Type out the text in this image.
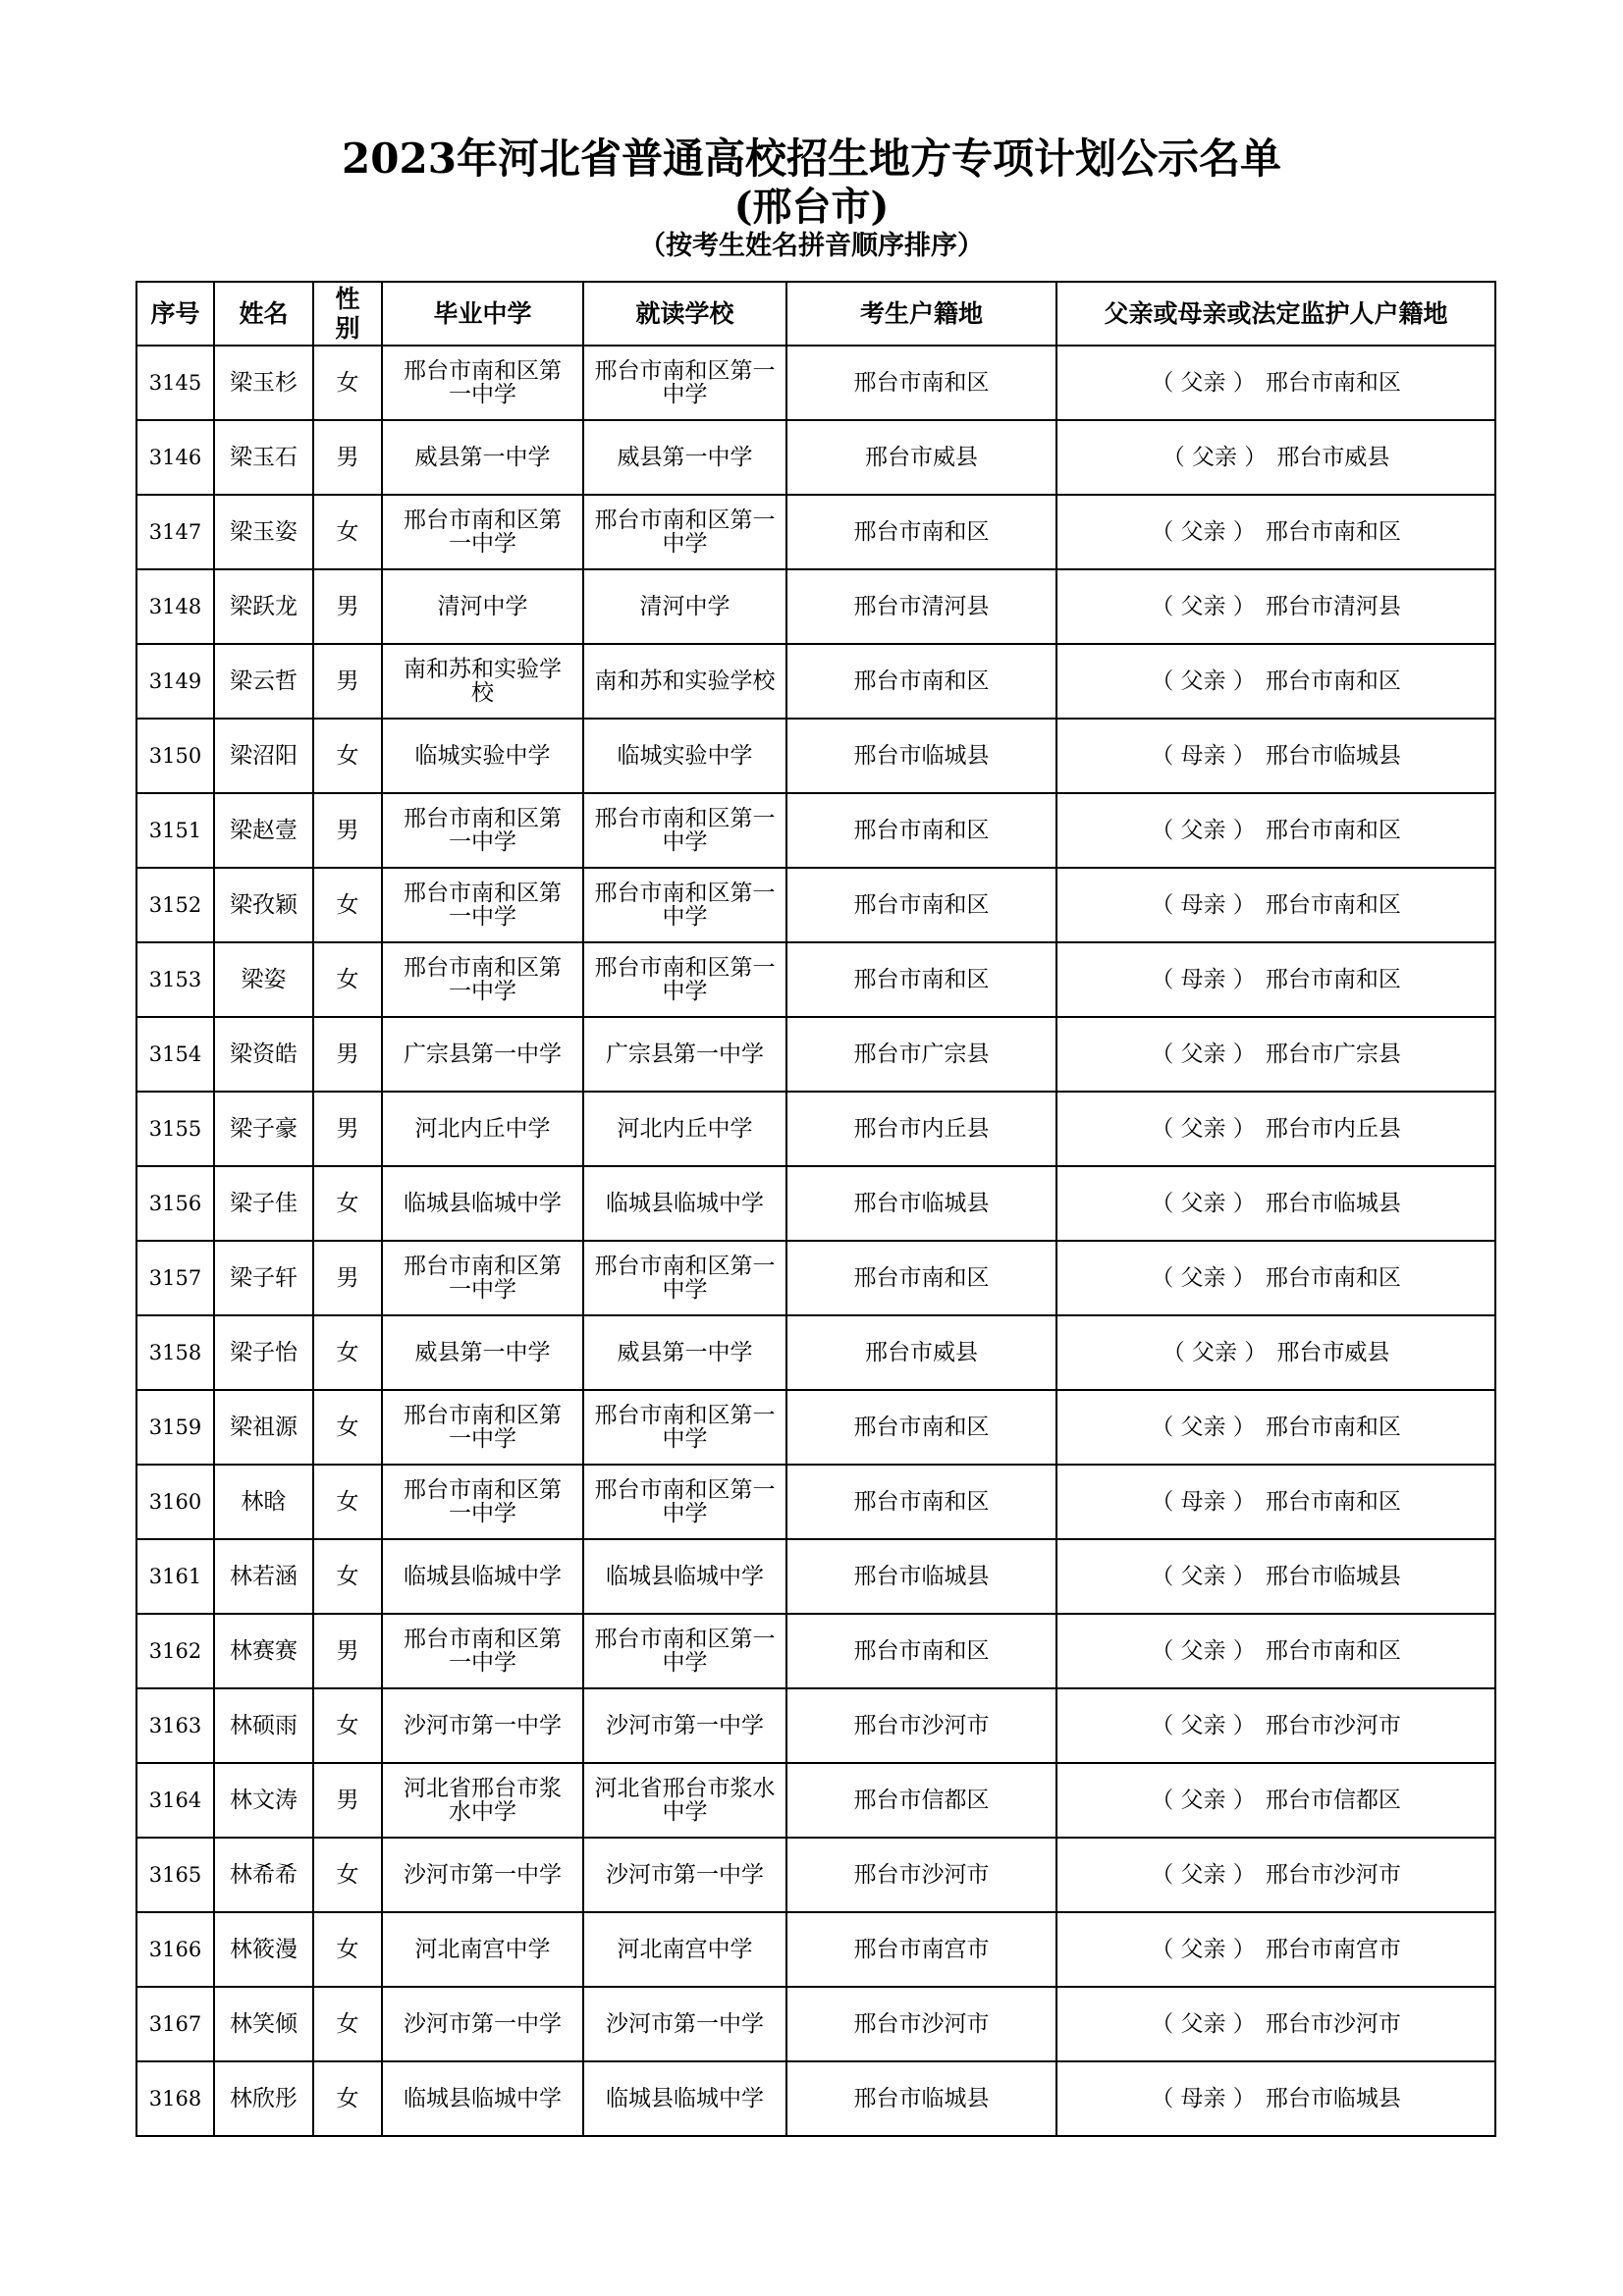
2023年河北省普通高校招生地方专项计划公示名单
(邢台市)
（按考生姓名拼音顺序排序）
序号	姓名	性别	毕业中学	就读学校	考生户籍地	父亲或母亲或法定监护人户籍地
3145	梁玉杉	女	邢台市南和区第一中学	邢台市南和区第一中学	邢台市南和区	（ 父亲 ） 邢台市南和区
3146	梁玉石	男	威县第一中学	威县第一中学	邢台市威县	（ 父亲 ） 邢台市威县
3147	梁玉姿	女	邢台市南和区第一中学	邢台市南和区第一中学	邢台市南和区	（ 父亲 ） 邢台市南和区
3148	梁跃龙	男	清河中学	清河中学	邢台市清河县	（ 父亲 ） 邢台市清河县
3149	梁云哲	男	南和苏和实验学校	南和苏和实验学校	邢台市南和区	（ 父亲 ） 邢台市南和区
3150	梁沼阳	女	临城实验中学	临城实验中学	邢台市临城县	（ 母亲 ） 邢台市临城县
3151	梁赵壹	男	邢台市南和区第一中学	邢台市南和区第一中学	邢台市南和区	（ 父亲 ） 邢台市南和区
3152	梁孜颖	女	邢台市南和区第一中学	邢台市南和区第一中学	邢台市南和区	（ 母亲 ） 邢台市南和区
3153	梁姿	女	邢台市南和区第一中学	邢台市南和区第一中学	邢台市南和区	（ 母亲 ） 邢台市南和区
3154	梁资皓	男	广宗县第一中学	广宗县第一中学	邢台市广宗县	（ 父亲 ） 邢台市广宗县
3155	梁子豪	男	河北内丘中学	河北内丘中学	邢台市内丘县	（ 父亲 ） 邢台市内丘县
3156	梁子佳	女	临城县临城中学	临城县临城中学	邢台市临城县	（ 父亲 ） 邢台市临城县
3157	梁子轩	男	邢台市南和区第一中学	邢台市南和区第一中学	邢台市南和区	（ 父亲 ） 邢台市南和区
3158	梁子怡	女	威县第一中学	威县第一中学	邢台市威县	（ 父亲 ） 邢台市威县
3159	梁祖源	女	邢台市南和区第一中学	邢台市南和区第一中学	邢台市南和区	（ 父亲 ） 邢台市南和区
3160	林晗	女	邢台市南和区第一中学	邢台市南和区第一中学	邢台市南和区	（ 母亲 ） 邢台市南和区
3161	林若涵	女	临城县临城中学	临城县临城中学	邢台市临城县	（ 父亲 ） 邢台市临城县
3162	林赛赛	男	邢台市南和区第一中学	邢台市南和区第一中学	邢台市南和区	（ 父亲 ） 邢台市南和区
3163	林硕雨	女	沙河市第一中学	沙河市第一中学	邢台市沙河市	（ 父亲 ） 邢台市沙河市
3164	林文涛	男	河北省邢台市浆水中学	河北省邢台市浆水中学	邢台市信都区	（ 父亲 ） 邢台市信都区
3165	林希希	女	沙河市第一中学	沙河市第一中学	邢台市沙河市	（ 父亲 ） 邢台市沙河市
3166	林筱漫	女	河北南宫中学	河北南宫中学	邢台市南宫市	（ 父亲 ） 邢台市南宫市
3167	林笑倾	女	沙河市第一中学	沙河市第一中学	邢台市沙河市	（ 父亲 ） 邢台市沙河市
3168	林欣彤	女	临城县临城中学	临城县临城中学	邢台市临城县	（ 母亲 ） 邢台市临城县
